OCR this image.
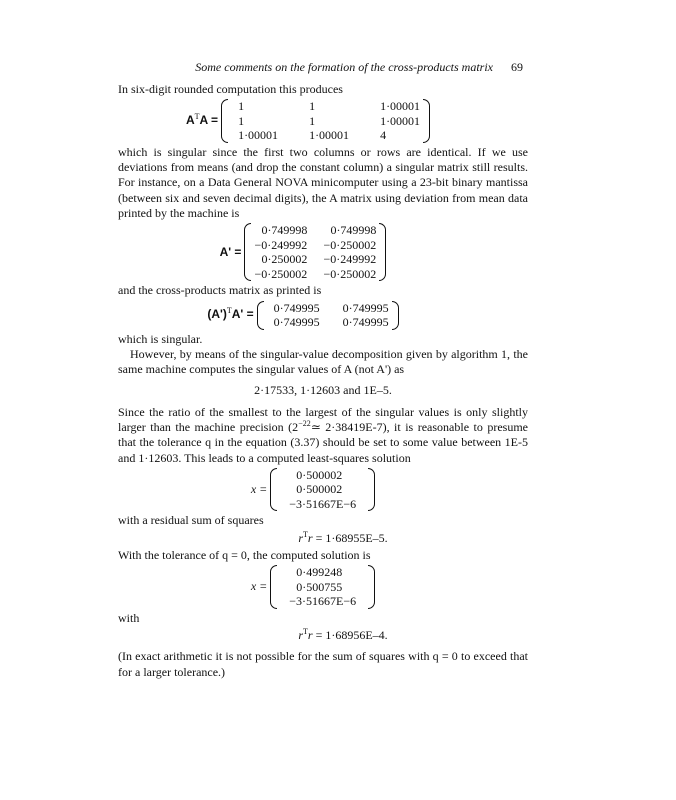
Some comments on the formation of the cross-products matrix 69

In six-digit rounded computation this produces

$A^TA$ =
1	1	1·00001
1	1	1·00001
1·00001	1·00001	4

which is singular since the first two columns or rows are identical. If we use deviations from means (and drop the constant column) a singular matrix still results. For instance, on a Data General NOVA minicomputer using a 23-bit binary mantissa (between six and seven decimal digits), the A matrix using deviation from mean data printed by the machine is

A' =
0·749998	0·749998
−0·249992 −0·250002
0·250002 −0·249992
−0·250002 −0·250002

and the cross-products matrix as printed is

$(A')^TA'$ =	0·749995	0·749995
0·749995	0·749995

which is singular.

However, by means of the singular-value decomposition given by algorithm 1, the same machine computes the singular values of A (not A') as

2·17533, 1·12603 and 1E–5.

Since the ratio of the smallest to the largest of the singular values is only slightly larger than the machine precision ($2^{-22}≃$ 2·38419E-7), it is reasonable to presume that the tolerance q in the equation (3.37) should be set to some value between 1E-5 and 1·12603. This leads to a computed least-squares solution

x =
0·500002
0·500002
−3·51667E−6

with a residual sum of squares

$r^Tr = 1\cdot 68955E-5$.

With the tolerance of q = 0, the computed solution is

x =
0·499248
0·500755
−3·51667E−6

with

$r^Tr = 1\cdot 68956E-4$.

(In exact arithmetic it is not possible for the sum of squares with q = 0 to exceed that for a larger tolerance.)
